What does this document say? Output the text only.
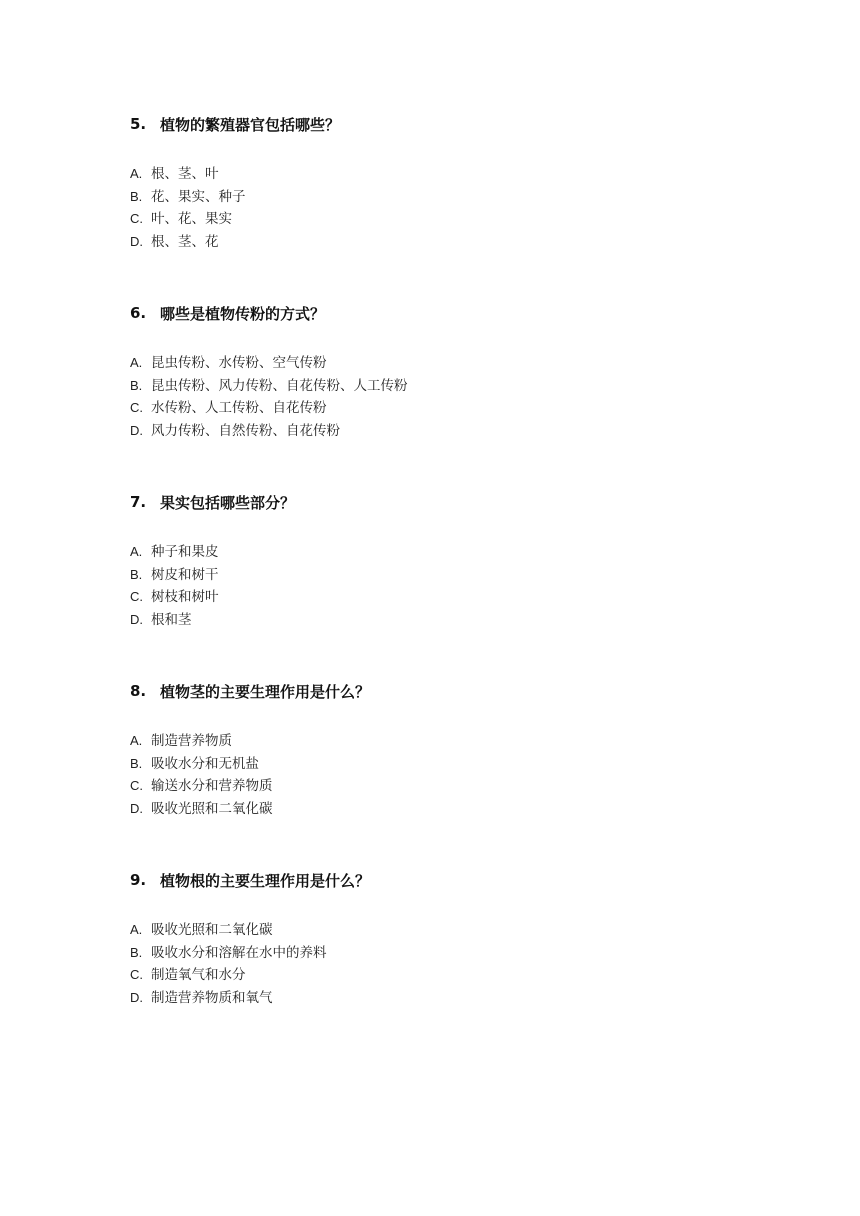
5. 植物的繁殖器官包括哪些？
A. 根、茎、叶
B. 花、果实、种子
C. 叶、花、果实
D. 根、茎、花
6. 哪些是植物传粉的方式？
A. 昆虫传粉、水传粉、空气传粉
B. 昆虫传粉、风力传粉、自花传粉、人工传粉
C. 水传粉、人工传粉、自花传粉
D. 风力传粉、自然传粉、自花传粉
7. 果实包括哪些部分？
A. 种子和果皮
B. 树皮和树干
C. 树枝和树叶
D. 根和茎
8. 植物茎的主要生理作用是什么？
A. 制造营养物质
B. 吸收水分和无机盐
C. 输送水分和营养物质
D. 吸收光照和二氧化碳
9. 植物根的主要生理作用是什么？
A. 吸收光照和二氧化碳
B. 吸收水分和溶解在水中的养料
C. 制造氧气和水分
D. 制造营养物质和氧气
